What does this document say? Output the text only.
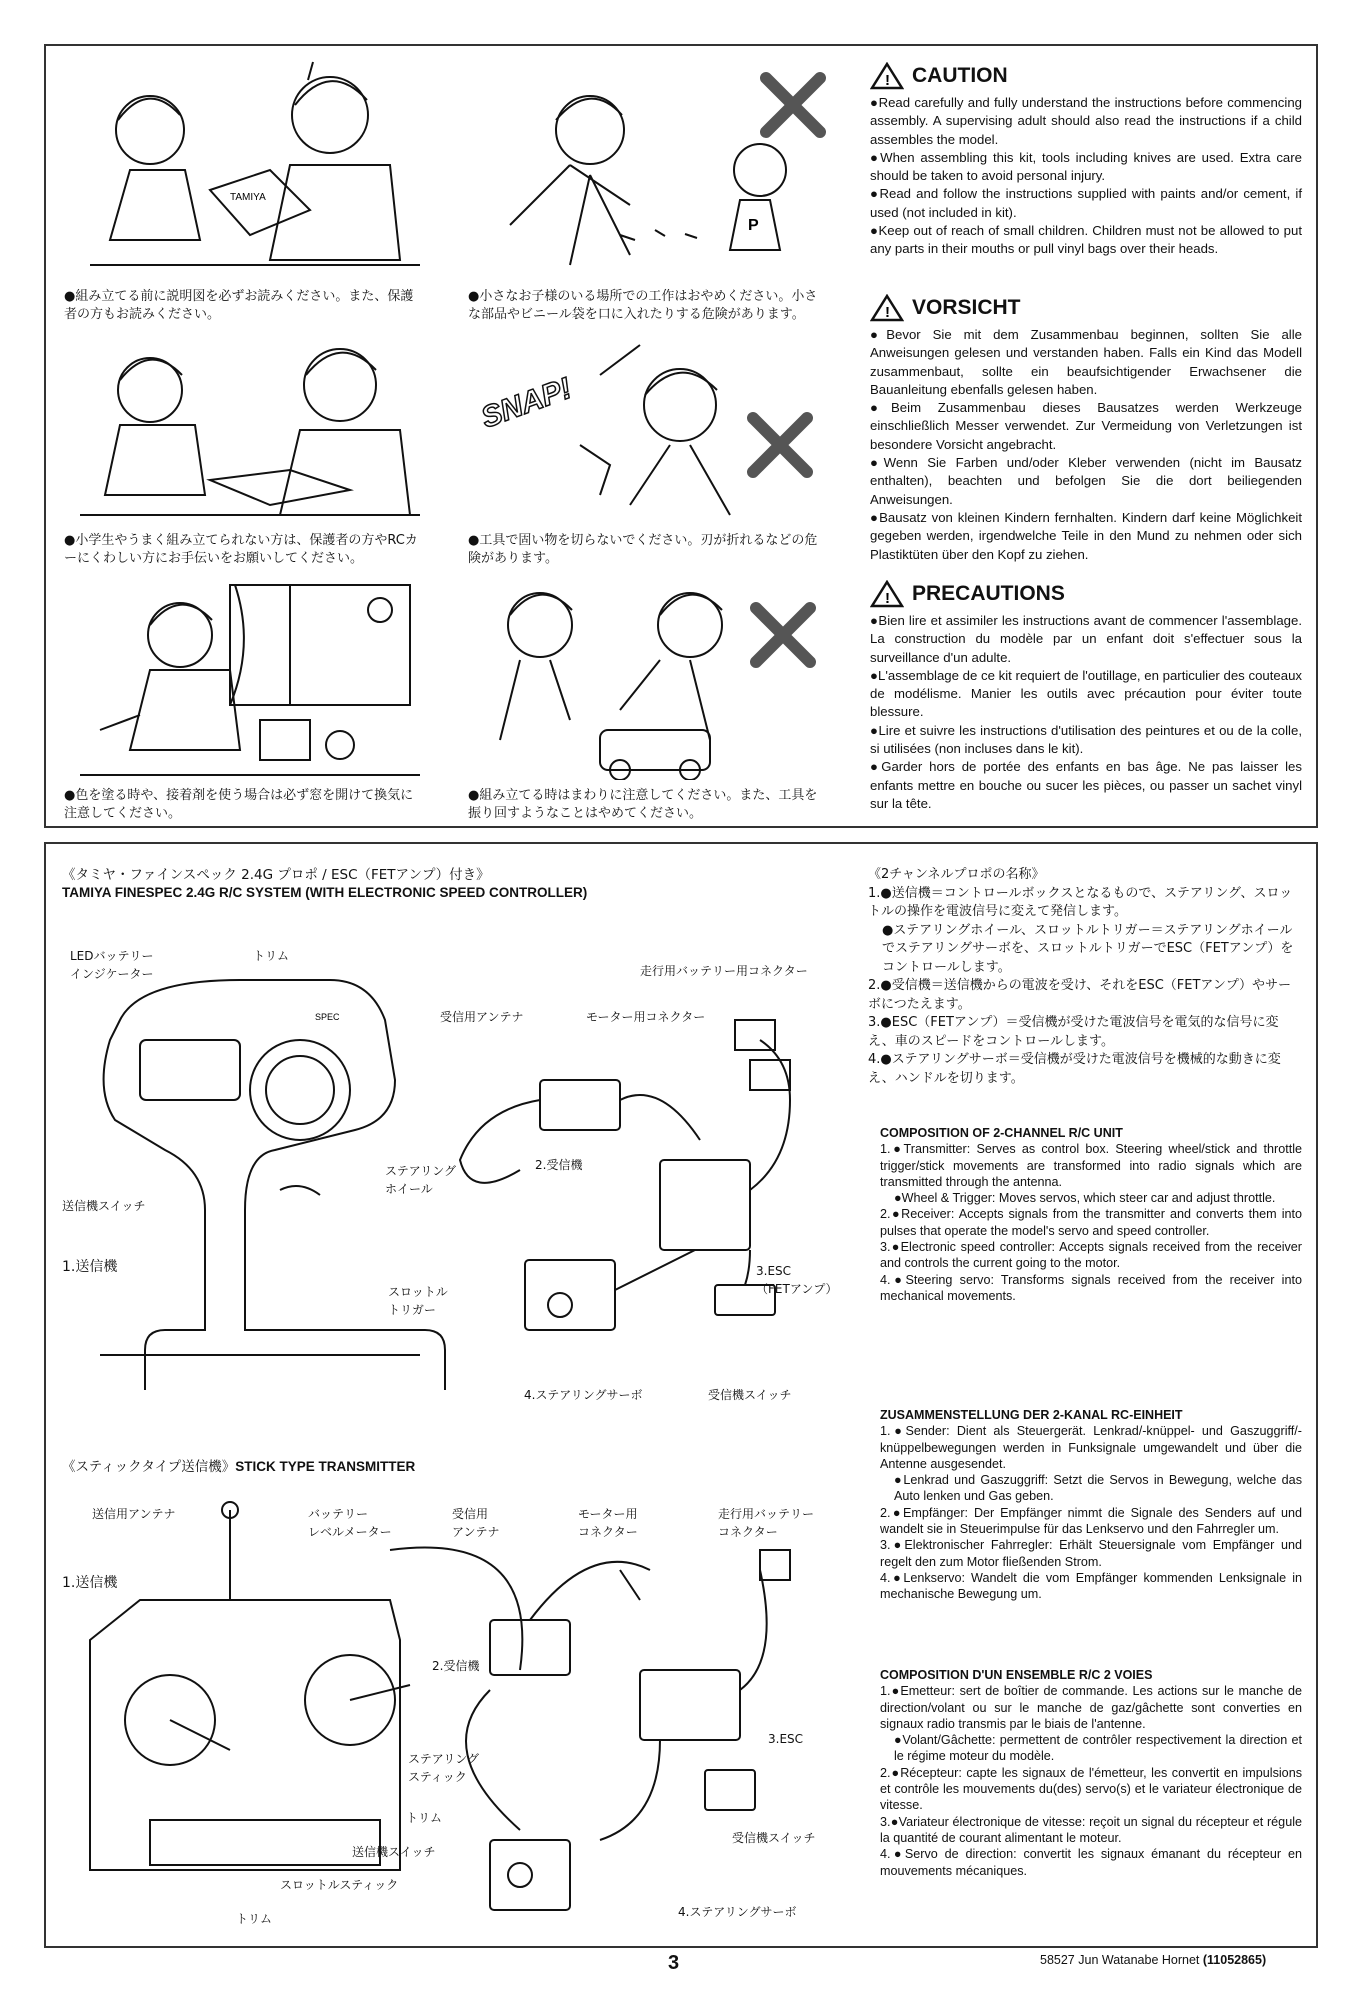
TAMIYA
P
●組み立てる前に説明図を必ずお読みください。また、保護者の方もお読みください。
●小さなお子様のいる場所での工作はおやめください。小さな部品やビニール袋を口に入れたりする危険があります。
SNAP!
●小学生やうまく組み立てられない方は、保護者の方やRCカーにくわしい方にお手伝いをお願いしてください。
●工具で固い物を切らないでください。刃が折れるなどの危険があります。
●色を塗る時や、接着剤を使う場合は必ず窓を開けて換気に注意してください。
●組み立てる時はまわりに注意してください。また、工具を振り回すようなことはやめてください。
! CAUTION

●Read carefully and fully understand the instructions before commencing assembly. A supervising adult should also read the instructions if a child assembles the model.

●When assembling this kit, tools including knives are used. Extra care should be taken to avoid personal injury.

●Read and follow the instructions supplied with paints and/or cement, if used (not included in kit).

●Keep out of reach of small children. Children must not be allowed to put any parts in their mouths or pull vinyl bags over their heads.

! VORSICHT

●Bevor Sie mit dem Zusammenbau beginnen, sollten Sie alle Anweisungen gelesen und verstanden haben. Falls ein Kind das Modell zusammenbaut, sollte ein beaufsichtigender Erwachsener die Bauanleitung ebenfalls gelesen haben.

●Beim Zusammenbau dieses Bausatzes werden Werkzeuge einschließlich Messer verwendet. Zur Vermeidung von Verletzungen ist besondere Vorsicht angebracht.

●Wenn Sie Farben und/oder Kleber verwenden (nicht im Bausatz enthalten), beachten und befolgen Sie die dort beiliegenden Anweisungen.

●Bausatz von kleinen Kindern fernhalten. Kindern darf keine Möglichkeit gegeben werden, irgendwelche Teile in den Mund zu nehmen oder sich Plastiktüten über den Kopf zu ziehen.

! PRECAUTIONS

●Bien lire et assimiler les instructions avant de commencer l'assemblage. La construction du modèle par un enfant doit s'effectuer sous la surveillance d'un adulte.

●L'assemblage de ce kit requiert de l'outillage, en particulier des couteaux de modélisme. Manier les outils avec précaution pour éviter toute blessure.

●Lire et suivre les instructions d'utilisation des peintures et ou de la colle, si utilisées (non incluses dans le kit).

●Garder hors de portée des enfants en bas âge. Ne pas laisser les enfants mettre en bouche ou sucer les pièces, ou passer un sachet vinyl sur la tête.

《タミヤ・ファインスペック 2.4G プロポ / ESC（FETアンプ）付き》
TAMIYA FINESPEC 2.4G R/C SYSTEM (WITH ELECTRONIC SPEED CONTROLLER)
SPEC
LEDバッテリー
インジケーター
トリム
走行用バッテリー用コネクター
受信用アンテナ	モーター用コネクター
ステアリング
ホイール
送信機スイッチ
1.送信機
2.受信機
スロットル
トリガー
3.ESC
（FETアンプ）
4.ステアリングサーボ	受信機スイッチ
《スティックタイプ送信機》STICK TYPE TRANSMITTER
送信用アンテナ	バッテリー
レベルメーター
受信用
アンテナ
モーター用
コネクター
走行用バッテリー
コネクター
1.送信機
2.受信機
ステアリング
スティック
3.ESC
トリム
送信機スイッチ
受信機スイッチ
スロットルスティック
トリム	4.ステアリングサーボ
《2チャンネルプロポの名称》
1.●送信機＝コントロールボックスとなるもので、ステアリング、スロットルの操作を電波信号に変えて発信します。
●ステアリングホイール、スロットルトリガー＝ステアリングホイールでステアリングサーボを、スロットルトリガーでESC（FETアンプ）をコントロールします。
2.●受信機＝送信機からの電波を受け、それをESC（FETアンプ）やサーボにつたえます。
3.●ESC（FETアンプ）＝受信機が受けた電波信号を電気的な信号に変え、車のスピードをコントロールします。
4.●ステアリングサーボ＝受信機が受けた電波信号を機械的な動きに変え、ハンドルを切ります。
COMPOSITION OF 2-CHANNEL R/C UNIT

1.●Transmitter: Serves as control box. Steering wheel/stick and throttle trigger/stick movements are transformed into radio signals which are transmitted through the antenna.

●Wheel & Trigger: Moves servos, which steer car and adjust throttle.

2.●Receiver: Accepts signals from the transmitter and converts them into pulses that operate the model's servo and speed controller.

3.●Electronic speed controller: Accepts signals received from the receiver and controls the current going to the motor.

4.●Steering servo: Transforms signals received from the receiver into mechanical movements.

ZUSAMMENSTELLUNG DER 2-KANAL RC-EINHEIT

1.●Sender: Dient als Steuergerät. Lenkrad/-knüppel- und Gaszuggriff/- knüppelbewegungen werden in Funksignale umgewandelt und über die Antenne ausgesendet.

●Lenkrad und Gaszuggriff: Setzt die Servos in Bewegung, welche das Auto lenken und Gas geben.

2.●Empfänger: Der Empfänger nimmt die Signale des Senders auf und wandelt sie in Steuerimpulse für das Lenkservo und den Fahrregler um.

3.●Elektronischer Fahrregler: Erhält Steuersignale vom Empfänger und regelt den zum Motor fließenden Strom.

4.●Lenkservo: Wandelt die vom Empfänger kommenden Lenksignale in mechanische Bewegung um.

COMPOSITION D'UN ENSEMBLE R/C 2 VOIES

1.●Emetteur: sert de boîtier de commande. Les actions sur le manche de direction/volant ou sur le manche de gaz/gâchette sont converties en signaux radio transmis par le biais de l'antenne.

●Volant/Gâchette: permettent de contrôler respectivement la direction et le régime moteur du modèle.

2.●Récepteur: capte les signaux de l'émetteur, les convertit en impulsions et contrôle les mouvements du(des) servo(s) et le variateur électronique de vitesse.

3.●Variateur électronique de vitesse: reçoit un signal du récepteur et régule la quantité de courant alimentant le moteur.

4.●Servo de direction: convertit les signaux émanant du récepteur en mouvements mécaniques.

3	58527 Jun Watanabe Hornet (11052865)
